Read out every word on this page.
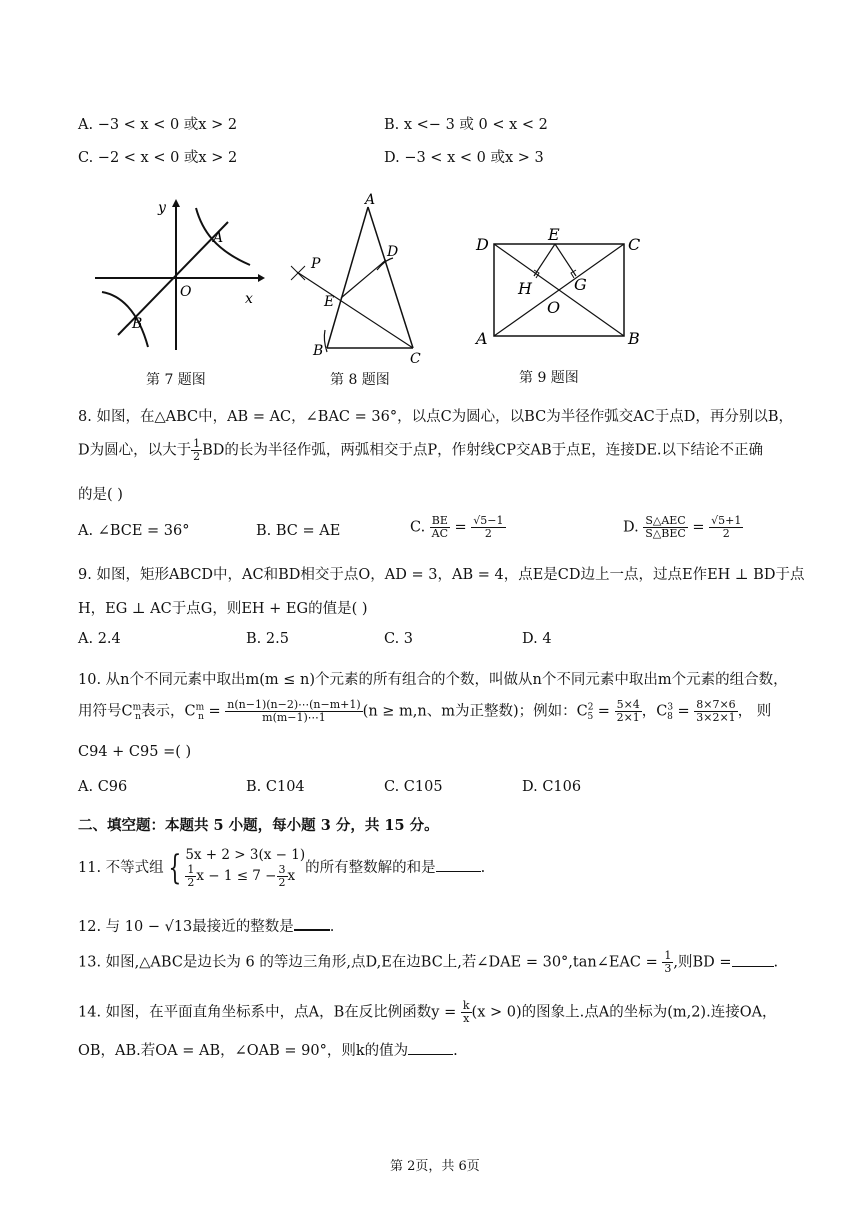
A. −3 < x < 0 或x > 2	B. x <− 3 或 0 < x < 2
C. −2 < x < 0 或x > 2	D. −3 < x < 0 或x > 3
y
x
O
A
B
第 7 题图
A
B	C
D
E
P
第 8 题图
D	C
A	B
E
H	G
O
第 9 题图
8. 如图，在△ABC中，AB = AC，∠BAC = 36°，以点C为圆心，以BC为半径作弧交AC于点D，再分别以B，
D为圆心，以大于 $\frac{1}{2}$ BD的长为半径作弧，两弧相交于点P，作射线CP交AB于点E，连接DE.以下结论不正确
的是( )
A. ∠BCE = 36°	B. BC = AE	C. $\frac{BE}{AC} = \frac{√5-1}{2}$	D. $\frac{\text{S△AEC}}{\text{S△BEC}} = \frac{√5+1}{2}$
9. 如图，矩形ABCD中，AC和BD相交于点O，AD = 3，AB = 4，点E是CD边上一点，过点E作EH ⊥ BD于点
H，EG ⊥ AC于点G，则EH + EG的值是( )
A. 2.4	B. 2.5	C. 3	D. 4
10. 从n个不同元素中取出m(m ≤ n)个元素的所有组合的个数，叫做从n个不同元素中取出m个元素的组合数，
用符号$C^m_n$表示，$C^m_n = \frac{n(n-1)(n-2)\cdots(n-m+1)}{m(m-1)\cdots 1} (n \ge m,n$、m为正整数)；例如：$C^2_5 = \frac{5\times 4}{2\times 1}$ ，$C^3_8 = \frac{8\times 7\times 6}{3\times 2\times 1}$ ， 则
C94 + C95 =( )
A. C96	B. C104	C. C105	D. C106
二、填空题：本题共 5 小题，每小题 3 分，共 15 分。
11. 不等式组 { 5x + 2 > 3(x − 1)
$\frac{1}{2}$ $x - 1 \le 7 - \frac{3}{2}$ x 的所有整数解的和是	.
12. 与 10 − √13最接近的整数是 .
13. 如图,△ABC是边长为 6 的等边三角形,点D,E在边BC上,若∠DAE = 30°,tan∠EAC = $\frac{1}{3}$ ,则BD =	.
14. 如图，在平面直角坐标系中，点A，B在反比例函数$y = \frac{k}{x} (x > 0)$的图象上.点A的坐标为(m,2).连接OA，
OB，AB.若OA = AB，∠OAB = 90°，则k的值为	.
第 2页，共 6页
